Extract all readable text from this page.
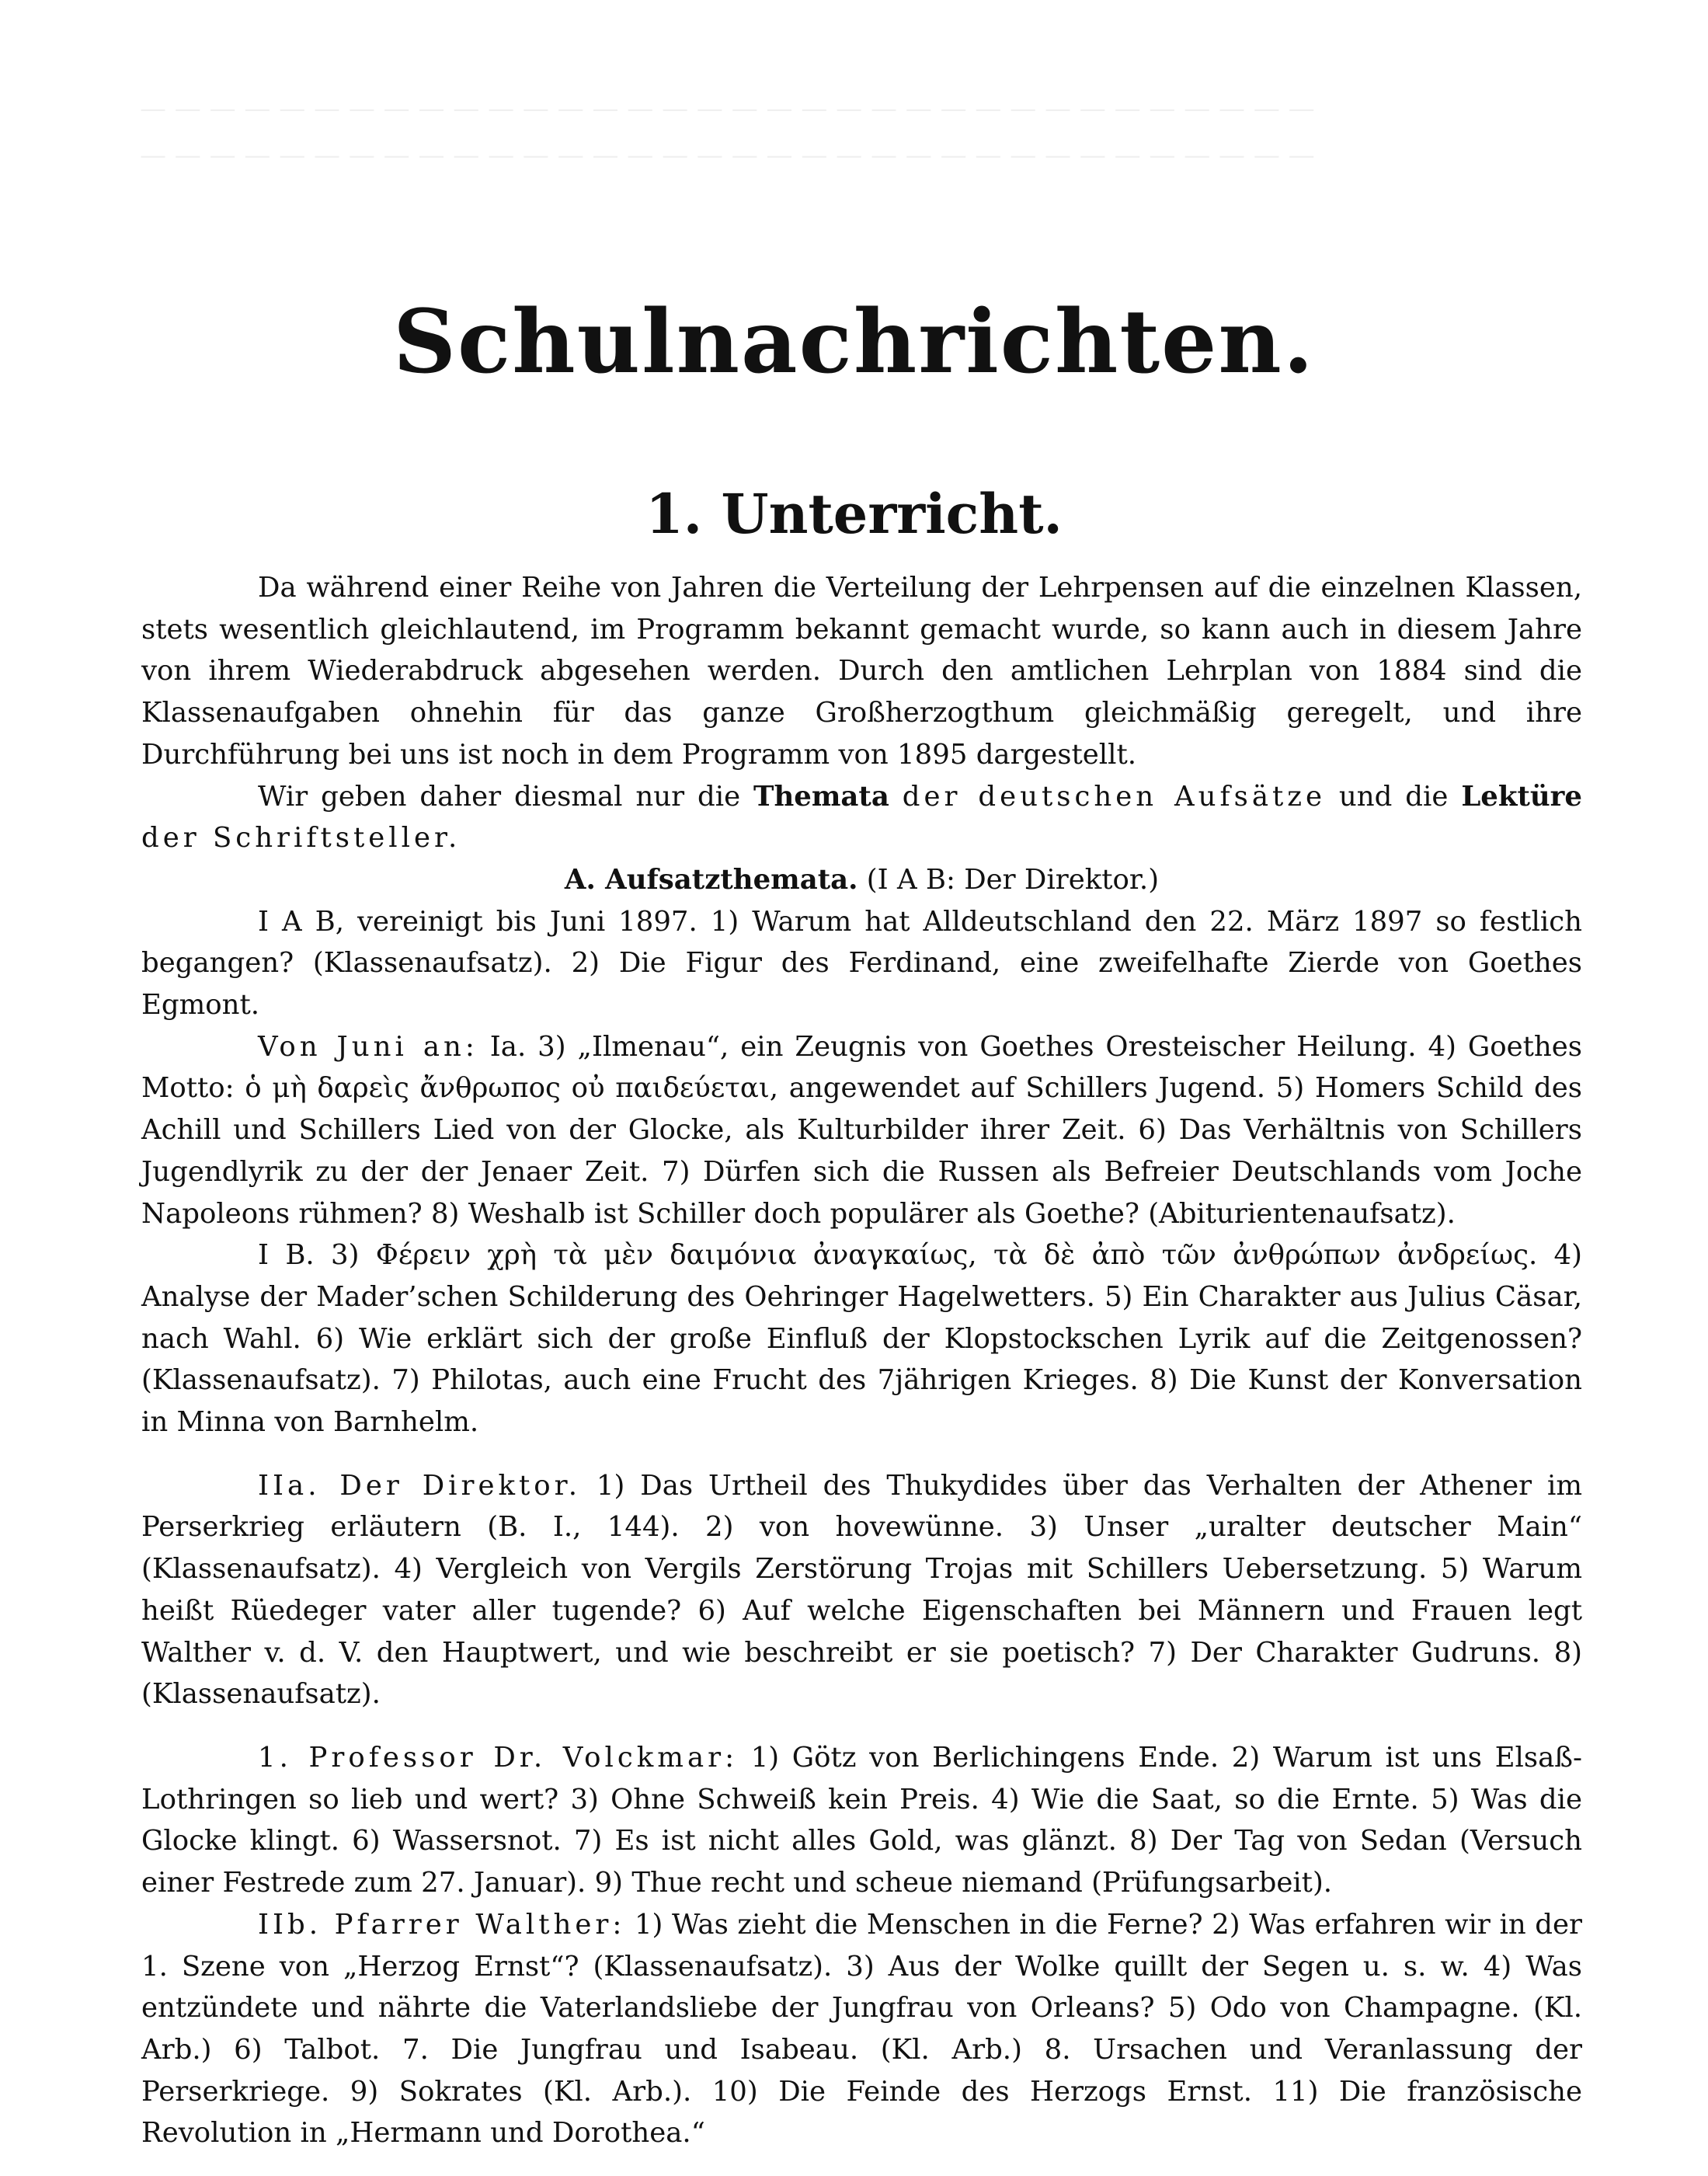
— — — — — — — — — — — — — — — — — — — — — — — — — — — — — — — — — —
— — — — — — — — — — — — — — — — — — — — — — — — — — — — — — — — — —
Schulnachrichten.
1. Unterricht.

Da während einer Reihe von Jahren die Verteilung der Lehrpensen auf die einzelnen Klassen, stets wesentlich gleichlautend, im Programm bekannt gemacht wurde, so kann auch in diesem Jahre von ihrem Wiederabdruck abgesehen werden. Durch den amtlichen Lehrplan von 1884 sind die Klassenaufgaben ohnehin für das ganze Großherzogthum gleichmäßig geregelt, und ihre Durchführung bei uns ist noch in dem Programm von 1895 dargestellt.

Wir geben daher diesmal nur die Themata der deutschen Aufsätze und die Lektüre der Schriftsteller.

A. Aufsatzthemata. (I A B: Der Direktor.)

I A B, vereinigt bis Juni 1897. 1) Warum hat Alldeutschland den 22. März 1897 so festlich begangen? (Klassenaufsatz). 2) Die Figur des Ferdinand, eine zweifelhafte Zierde von Goethes Egmont.

Von Juni an: Ia. 3) „Ilmenau“, ein Zeugnis von Goethes Oresteischer Heilung. 4) Goethes Motto: ὁ μὴ δαρεὶς ἄνθρωπος οὐ παιδεύεται, angewendet auf Schillers Jugend. 5) Homers Schild des Achill und Schillers Lied von der Glocke, als Kulturbilder ihrer Zeit. 6) Das Verhältnis von Schillers Jugendlyrik zu der der Jenaer Zeit. 7) Dürfen sich die Russen als Befreier Deutschlands vom Joche Napoleons rühmen? 8) Weshalb ist Schiller doch populärer als Goethe? (Abiturientenaufsatz).

I B. 3) Φέρειν χρὴ τὰ μὲν δαιμόνια ἀναγκαίως, τὰ δὲ ἀπὸ τῶν ἀνθρώπων ἀνδρείως. 4) Analyse der Mader’schen Schilderung des Oehringer Hagelwetters. 5) Ein Charakter aus Julius Cäsar, nach Wahl. 6) Wie erklärt sich der große Einfluß der Klopstockschen Lyrik auf die Zeitgenossen? (Klassenaufsatz). 7) Philotas, auch eine Frucht des 7jährigen Krieges. 8) Die Kunst der Konversation in Minna von Barnhelm.

IIa. Der Direktor. 1) Das Urtheil des Thukydides über das Verhalten der Athener im Perserkrieg erläutern (B. I., 144). 2) von hovewünne. 3) Unser „uralter deutscher Main“ (Klassenaufsatz). 4) Vergleich von Vergils Zerstörung Trojas mit Schillers Uebersetzung. 5) Warum heißt Rüedeger vater aller tugende? 6) Auf welche Eigenschaften bei Männern und Frauen legt Walther v. d. V. den Hauptwert, und wie beschreibt er sie poetisch? 7) Der Charakter Gudruns. 8) (Klassenaufsatz).

1. Professor Dr. Volckmar: 1) Götz von Berlichingens Ende. 2) Warum ist uns Elsaß-Lothringen so lieb und wert? 3) Ohne Schweiß kein Preis. 4) Wie die Saat, so die Ernte. 5) Was die Glocke klingt. 6) Wassersnot. 7) Es ist nicht alles Gold, was glänzt. 8) Der Tag von Sedan (Versuch einer Festrede zum 27. Januar). 9) Thue recht und scheue niemand (Prüfungsarbeit).

IIb. Pfarrer Walther: 1) Was zieht die Menschen in die Ferne? 2) Was erfahren wir in der 1. Szene von „Herzog Ernst“? (Klassenaufsatz). 3) Aus der Wolke quillt der Segen u. s. w. 4) Was entzündete und nährte die Vaterlandsliebe der Jungfrau von Orleans? 5) Odo von Champagne. (Kl. Arb.) 6) Talbot. 7. Die Jungfrau und Isabeau. (Kl. Arb.) 8. Ursachen und Veranlassung der Perserkriege. 9) Sokrates (Kl. Arb.). 10) Die Feinde des Herzogs Ernst. 11) Die französische Revolution in „Hermann und Dorothea.“
